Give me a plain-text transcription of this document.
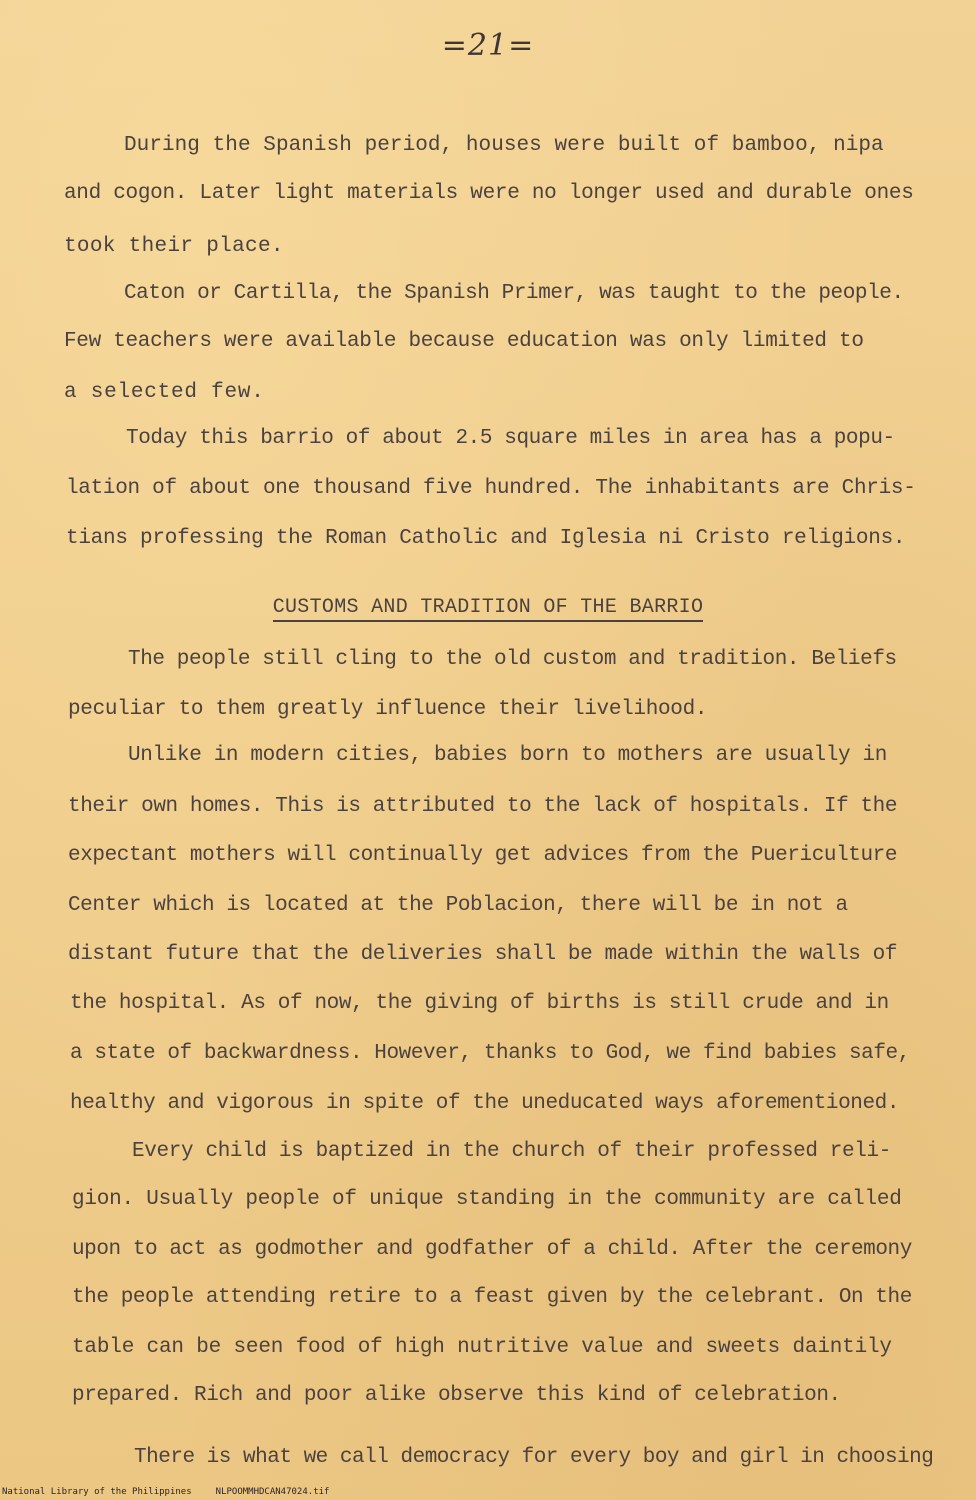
=21=
During the Spanish period, houses were built of bamboo, nipa
and cogon. Later light materials were no longer used and durable ones
took their place.
Caton or Cartilla, the Spanish Primer, was taught to the people.
Few teachers were available because education was only limited to
a selected few.
Today this barrio of about 2.5 square miles in area has a popu-
lation of about one thousand five hundred. The inhabitants are Chris-
tians professing the Roman Catholic and Iglesia ni Cristo religions.
CUSTOMS AND TRADITION OF THE BARRIO
The people still cling to the old custom and tradition. Beliefs
peculiar to them greatly influence their livelihood.
Unlike in modern cities, babies born to mothers are usually in
their own homes. This is attributed to the lack of hospitals. If the
expectant mothers will continually get advices from the Puericulture
Center which is located at the Poblacion, there will be in not a
distant future that the deliveries shall be made within the walls of
the hospital. As of now, the giving of births is still crude and in
a state of backwardness. However, thanks to God, we find babies safe,
healthy and vigorous in spite of the uneducated ways aforementioned.
Every child is baptized in the church of their professed reli-
gion. Usually people of unique standing in the community are called
upon to act as godmother and godfather of a child. After the ceremony
the people attending retire to a feast given by the celebrant. On the
table can be seen food of high nutritive value and sweets daintily
prepared. Rich and poor alike observe this kind of celebration.
There is what we call democracy for every boy and girl in choosing
National Library of the Philippines	NLPOOMMHDCAN47024.tif
